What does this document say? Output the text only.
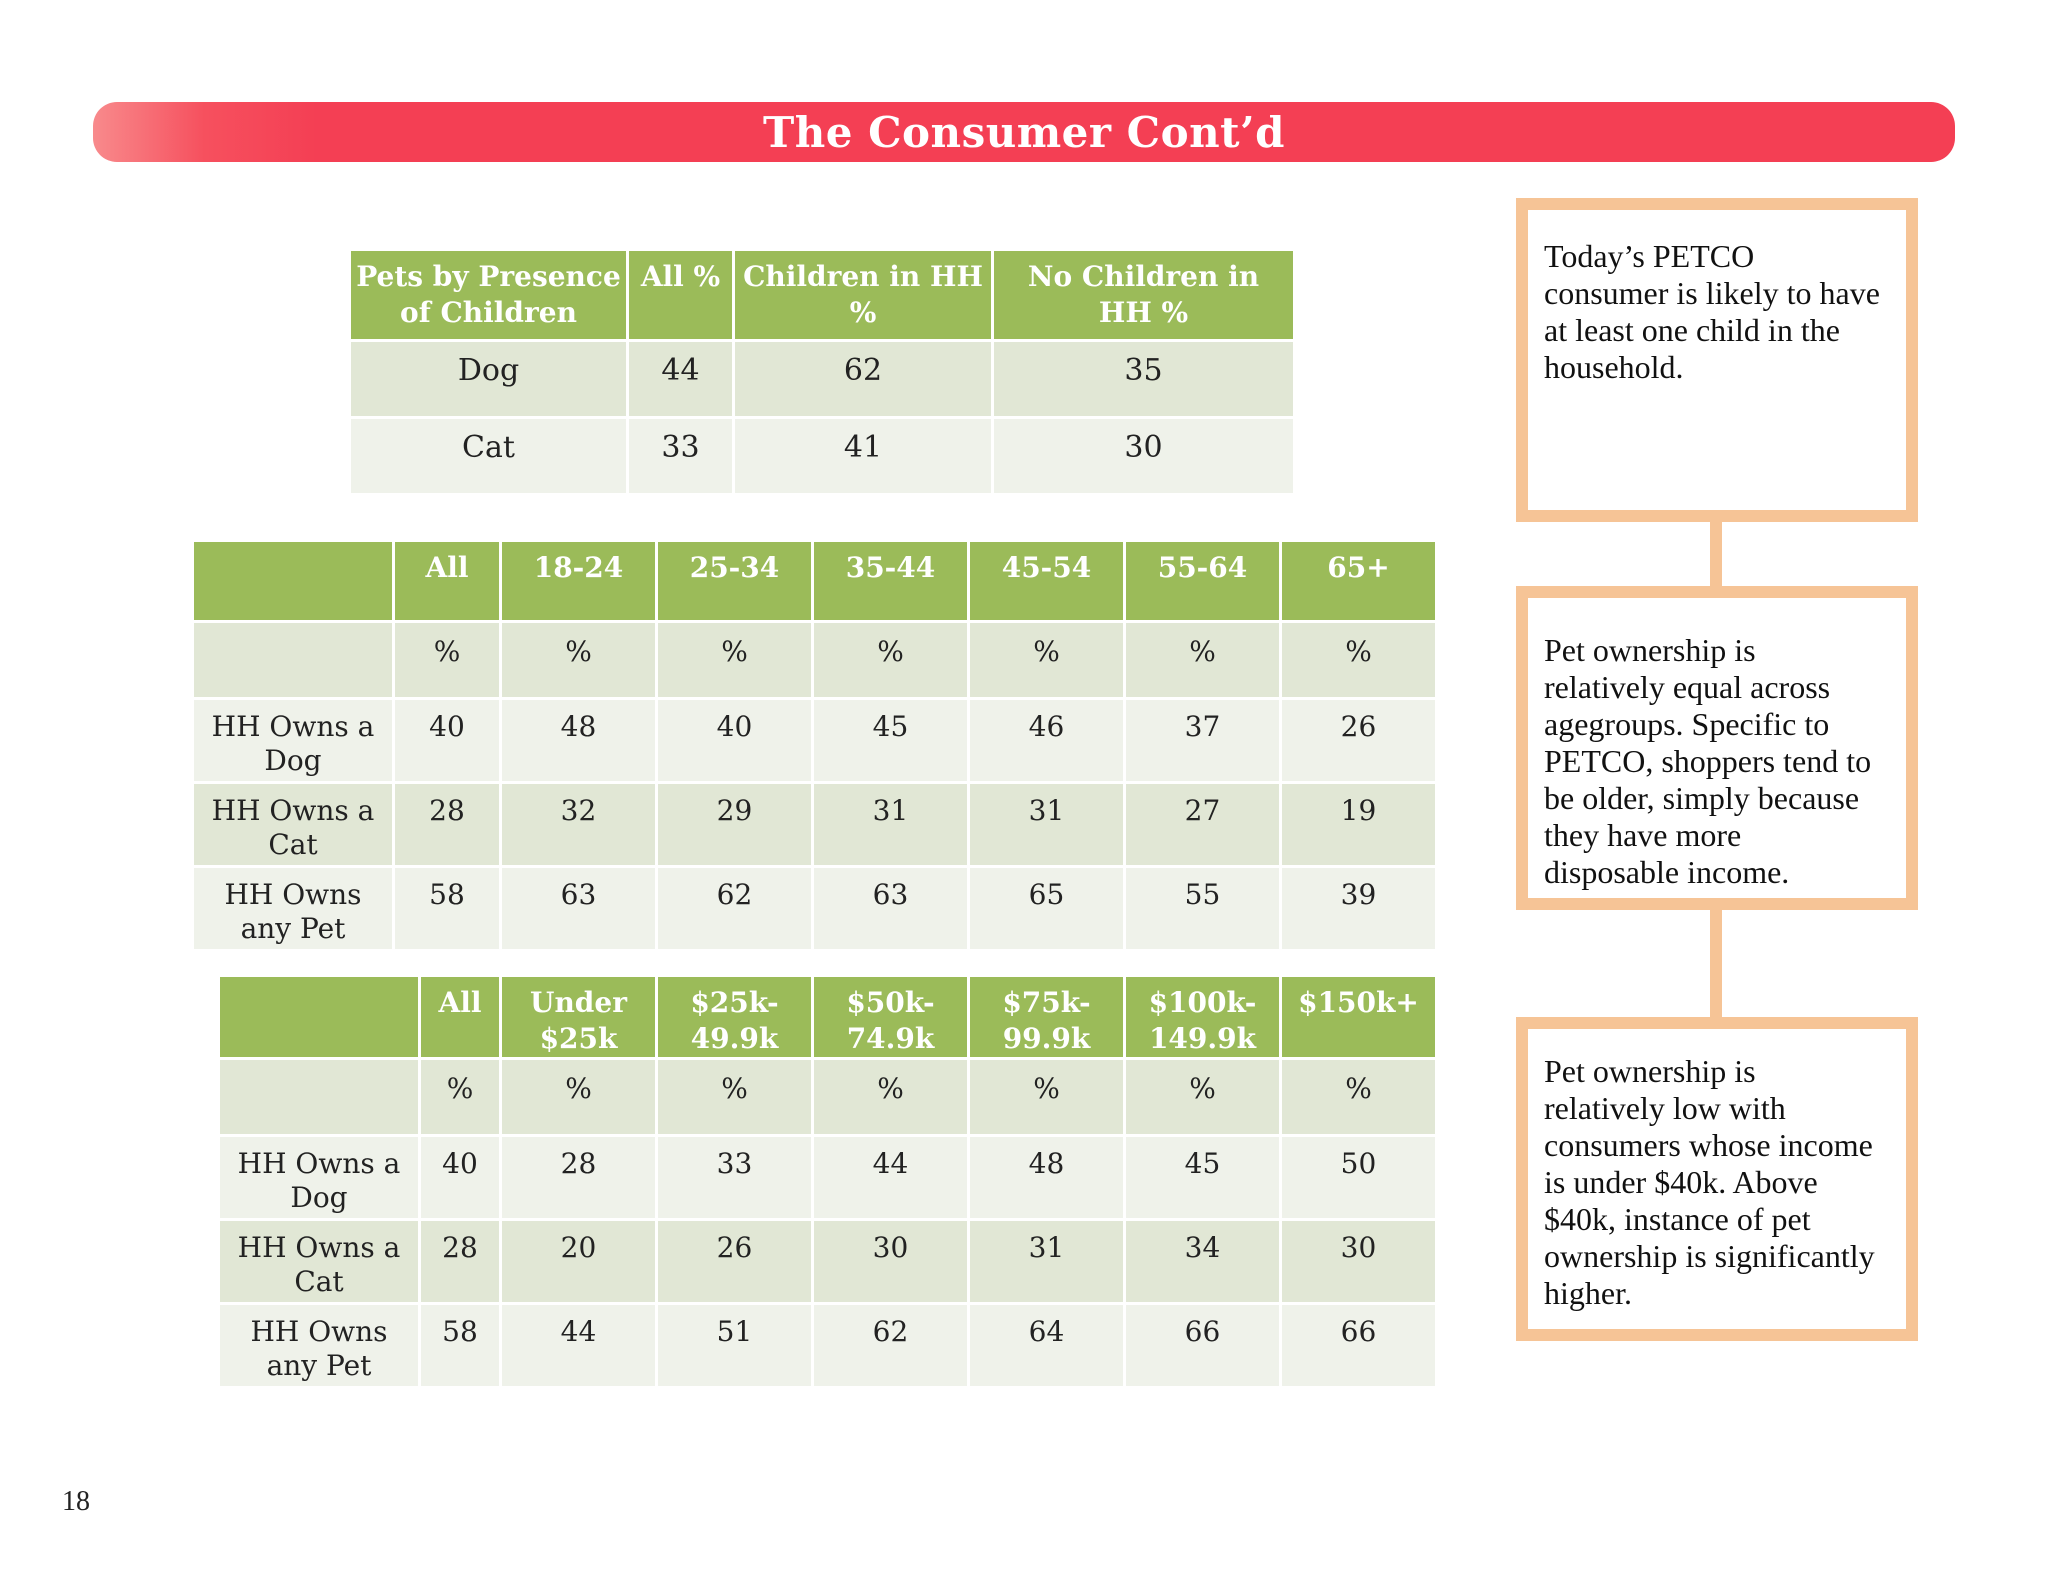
The Consumer Cont’d
Pets by Presence of Children	All %	Children in HH %	No Children in HH %
Dog	44	62	35
Cat	33	41	30
	All	18-24	25-34	35-44	45-54	55-64	65+
	%	%	%	%	%	%	%
HH Owns a Dog	40	48	40	45	46	37	26
HH Owns a Cat	28	32	29	31	31	27	19
HH Owns any Pet	58	63	62	63	65	55	39
	All	Under $25k	$25k-49.9k	$50k-74.9k	$75k-99.9k	$100k-149.9k	$150k+
	%	%	%	%	%	%	%
HH Owns a Dog	40	28	33	44	48	45	50
HH Owns a Cat	28	20	26	30	31	34	30
HH Owns any Pet	58	44	51	62	64	66	66
Today’s PETCO consumer is likely to have at least one child in the household.
Pet ownership is relatively equal across agegroups. Specific to PETCO, shoppers tend to be older, simply because they have more disposable income.
Pet ownership is relatively low with consumers whose income is under $40k. Above $40k, instance of pet ownership is significantly higher.
18
